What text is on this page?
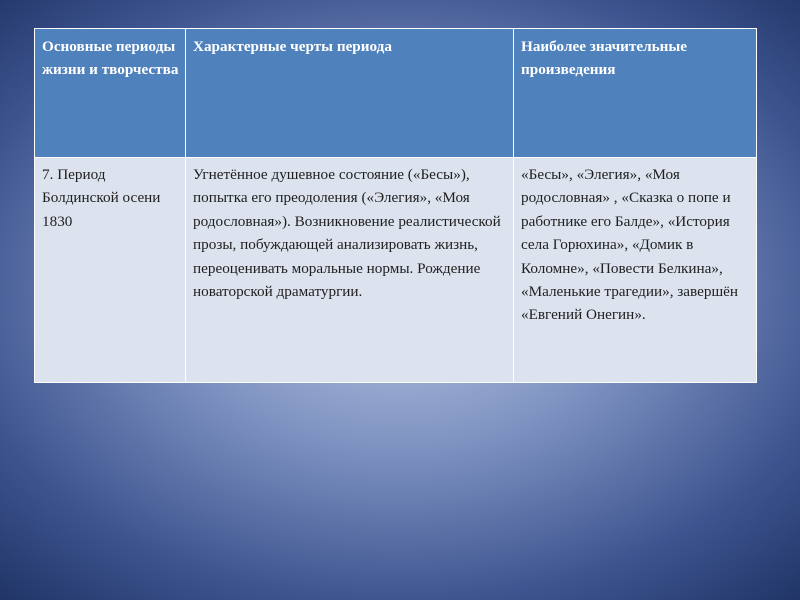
Основные периоды жизни и творчества	Характерные черты периода	Наиболее значительные произведения
7. Период Болдинской осени 1830	Угнетённое душевное состояние («Бесы»), попытка его преодоления («Элегия», «Моя родословная»). Возникновение реалистической прозы, побуждающей анализировать жизнь, переоценивать моральные нормы. Рождение новаторской драматургии.	«Бесы», «Элегия», «Моя родословная» , «Сказка о попе и работнике его Балде», «История села Горюхина», «Домик в Коломне», «Повести Белкина», «Маленькие трагедии», завершён «Евгений Онегин».
